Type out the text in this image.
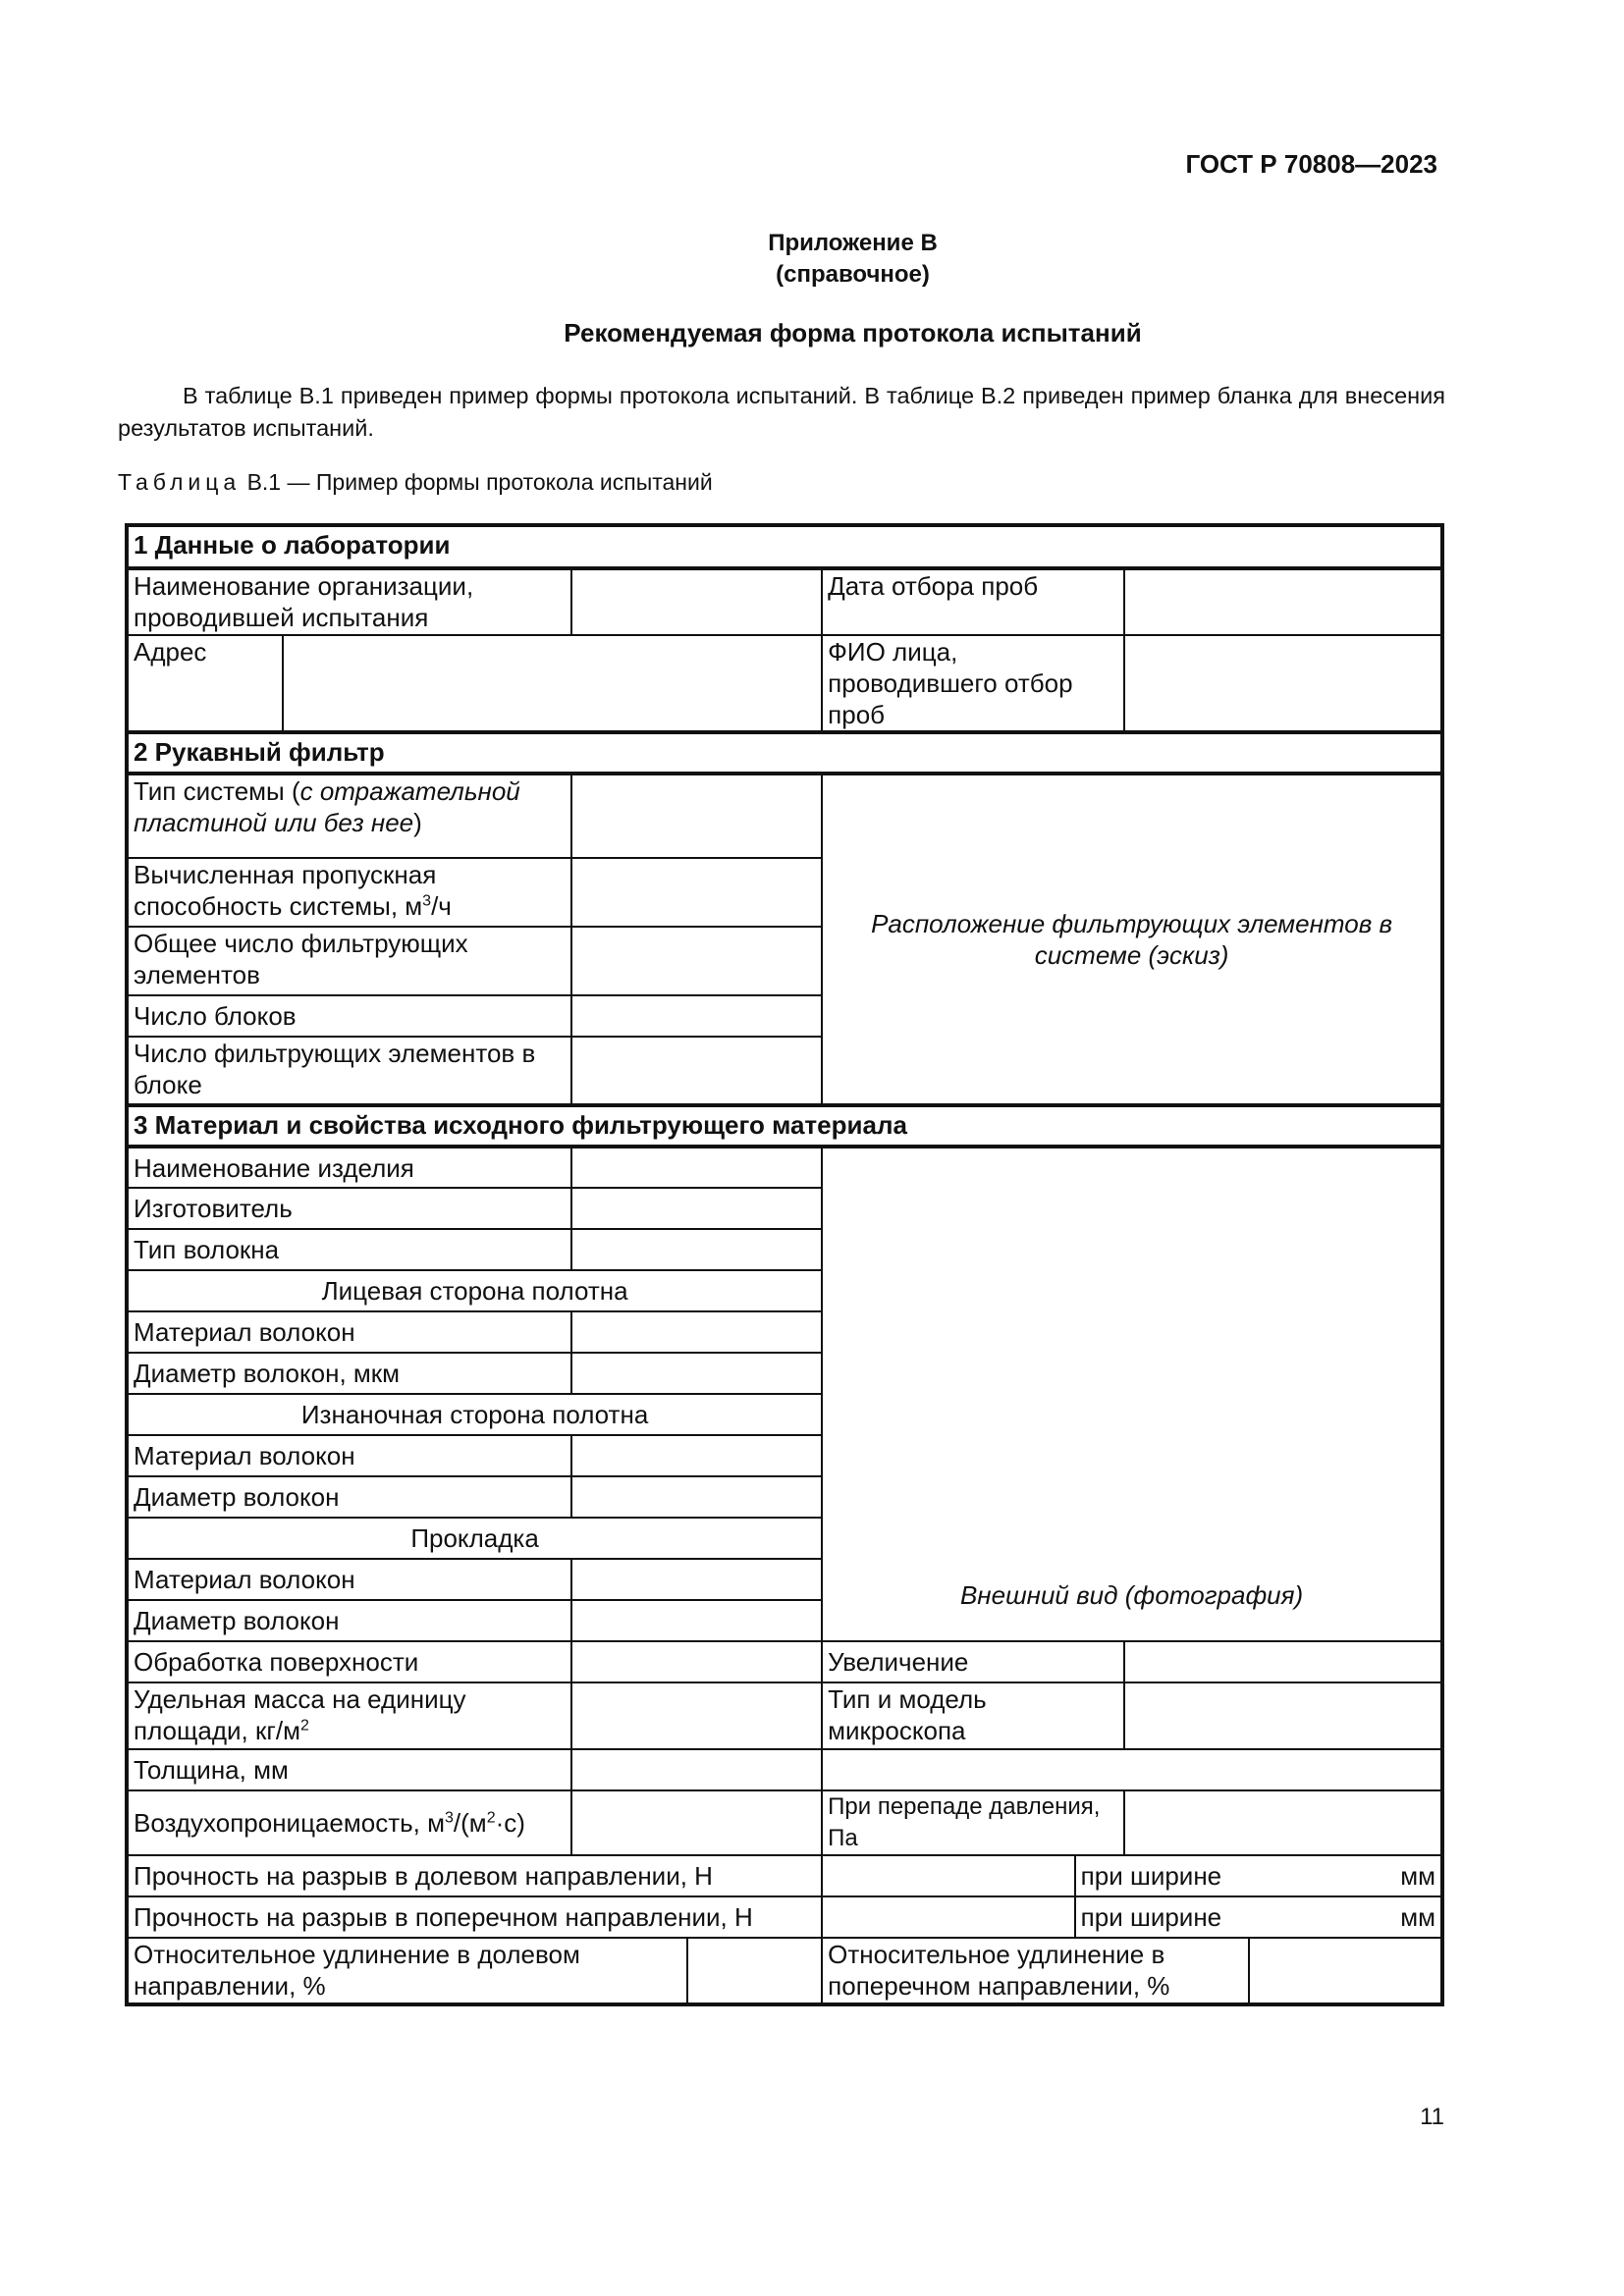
ГОСТ Р 70808—2023
Приложение В
(справочное)
Рекомендуемая форма протокола испытаний

В таблице В.1 приведен пример формы протокола испытаний. В таблице В.2 приведен пример бланка для внесения результатов испытаний.

Таблица В.1 — Пример формы протокола испытаний
1 Данные о лаборатории							
Наименование организации, проводившей испытания				Дата отбора проб			
Адрес				ФИО лица, проводившего отбор проб			
2 Рукавный фильтр							
Тип системы (с отражательной пластиной или без нее)				Расположение фильтрующих элементов в системе (эскиз)			
Вычисленная пропускная способность системы, $м^3/ч$							
Общее число фильтрующих элементов							
Число блоков							
Число фильтрующих элементов в блоке							
3 Материал и свойства исходного фильтрующего материала							
Наименование изделия				Внешний вид (фотография)			
Изготовитель							
Тип волокна							
Лицевая сторона полотна							
Материал волокон							
Диаметр волокон, мкм							
Изнаночная сторона полотна							
Материал волокон							
Диаметр волокон							
Прокладка							
Материал волокон							
Диаметр волокон							
Обработка поверхности				Увеличение			
Удельная масса на единицу площади, $кг/м^2$				Тип и модель микроскопа			
Толщина, мм							
Воздухопроницаемость, $м^3/(м^2\cdot с)$				При перепаде давления, Па			
Прочность на разрыв в долевом направлении, Н					при ширине мм		

Прочность на разрыв в поперечном направлении, Н					при ширине мм		

Относительное удлинение в долевом направлении, %				Относительное удлинение в поперечном направлении, %			
11
